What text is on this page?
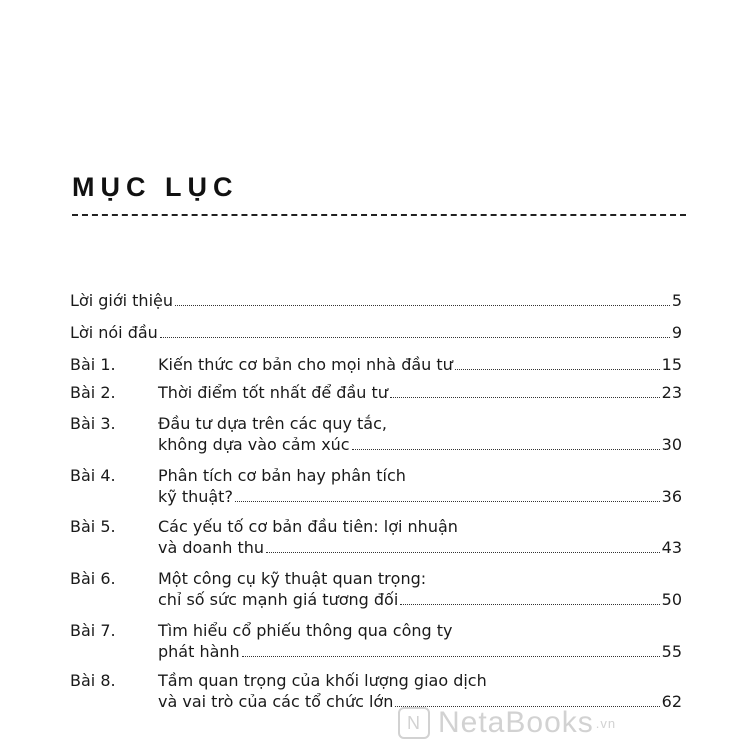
MỤC LỤC
Lời giới thiệu	5
Lời nói đầu	9
Bài 1.	Kiến thức cơ bản cho mọi nhà đầu tư	15
Bài 2.	Thời điểm tốt nhất để đầu tư	23
Bài 3.	Đầu tư dựa trên các quy tắc,
không dựa vào cảm xúc	30
Bài 4.	Phân tích cơ bản hay phân tích
kỹ thuật?	36
Bài 5.	Các yếu tố cơ bản đầu tiên: lợi nhuận
và doanh thu	43
Bài 6.	Một công cụ kỹ thuật quan trọng:
chỉ số sức mạnh giá tương đối	50
Bài 7.	Tìm hiểu cổ phiếu thông qua công ty
phát hành	55
Bài 8.	Tầm quan trọng của khối lượng giao dịch
và vai trò của các tổ chức lớn	62
N NetaBooks .vn
